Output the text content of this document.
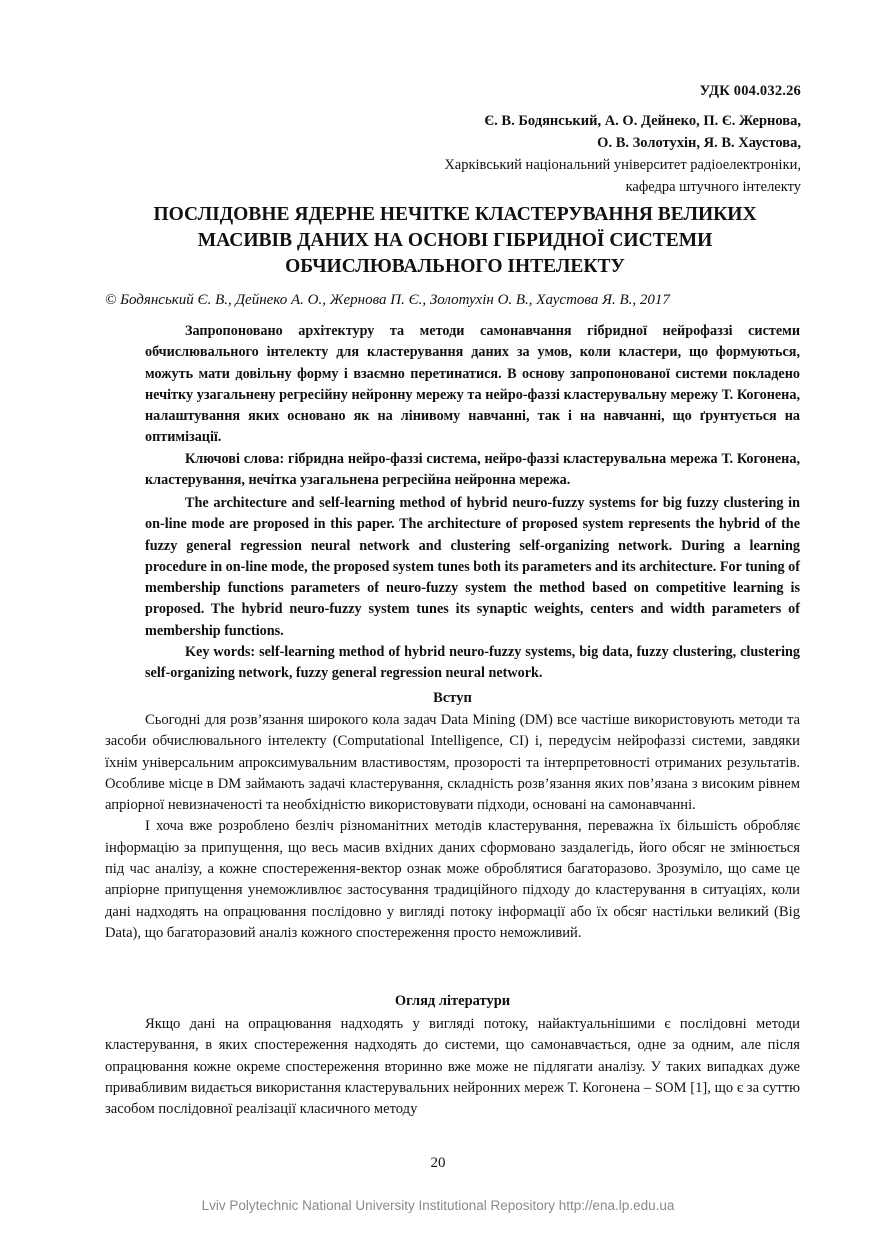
УДК 004.032.26
Є. В. Бодянський, А. О. Дейнеко, П. Є. Жернова,
О. В. Золотухін, Я. В. Хаустова,
Харківський національний університет радіоелектроніки,
кафедра штучного інтелекту
ПОСЛІДОВНЕ ЯДЕРНЕ НЕЧІТКЕ КЛАСТЕРУВАННЯ ВЕЛИКИХ
МАСИВІВ ДАНИХ НА ОСНОВІ ГІБРИДНОЇ СИСТЕМИ
ОБЧИСЛЮВАЛЬНОГО ІНТЕЛЕКТУ
© Бодянський Є. В., Дейнеко А. О., Жернова П. Є., Золотухін О. В., Хаустова Я. В., 2017

Запропоновано архітектуру та методи самонавчання гібридної нейрофаззі системи обчислювального інтелекту для кластерування даних за умов, коли кластери, що формуються, можуть мати довільну форму і взаємно перетинатися. В основу запропонованої системи покладено нечітку узагальнену регресійну нейронну мережу та нейро-фаззі кластерувальну мережу Т. Когонена, налаштування яких основано як на лінивому навчанні, так і на навчанні, що ґрунтується на оптимізації.

Ключові слова: гібридна нейро-фаззі система, нейро-фаззі кластерувальна мережа Т. Когонена, кластерування, нечітка узагальнена регресійна нейронна мережа.

The architecture and self-learning method of hybrid neuro-fuzzy systems for big fuzzy clustering in on-line mode are proposed in this paper. The architecture of proposed system represents the hybrid of the fuzzy general regression neural network and clustering self-organizing network. During a learning procedure in on-line mode, the proposed system tunes both its parameters and its architecture. For tuning of membership functions parameters of neuro-fuzzy system the method based on competitive learning is proposed. The hybrid neuro-fuzzy system tunes its synaptic weights, centers and width parameters of membership functions.

Key words: self-learning method of hybrid neuro-fuzzy systems, big data, fuzzy clustering, clustering self-organizing network, fuzzy general regression neural network.

Вступ

Сьогодні для розв’язання широкого кола задач Data Mining (DM) все частіше використовують методи та засоби обчислювального інтелекту (Computational Intelligence, CI) і, передусім нейрофаззі системи, завдяки їхнім універсальним апроксимувальним властивостям, прозорості та інтерпретовності отриманих результатів. Особливе місце в DM займають задачі кластерування, складність розв’язання яких пов’язана з високим рівнем апріорної невизначеності та необхідністю використовувати підходи, основані на самонавчанні.

І хоча вже розроблено безліч різноманітних методів кластерування, переважна їх більшість обробляє інформацію за припущення, що весь масив вхідних даних сформовано заздалегідь, його обсяг не змінюється під час аналізу, а кожне спостереження-вектор ознак може оброблятися багаторазово. Зрозуміло, що саме це апріорне припущення унеможливлює застосування традиційного підходу до кластерування в ситуаціях, коли дані надходять на опрацювання послідовно у вигляді потоку інформації або їх обсяг настільки великий (Big Data), що багаторазовий аналіз кожного спостереження просто неможливий.

Огляд літератури

Якщо дані на опрацювання надходять у вигляді потоку, найактуальнішими є послідовні методи кластерування, в яких спостереження надходять до системи, що самонавчається, одне за одним, але після опрацювання кожне окреме спостереження вторинно вже може не підлягати аналізу. У таких випадках дуже привабливим видається використання кластерувальних нейронних мереж Т. Когонена – SOM [1], що є за суттю засобом послідовної реалізації класичного методу

20
Lviv Polytechnic National University Institutional Repository http://ena.lp.edu.ua
